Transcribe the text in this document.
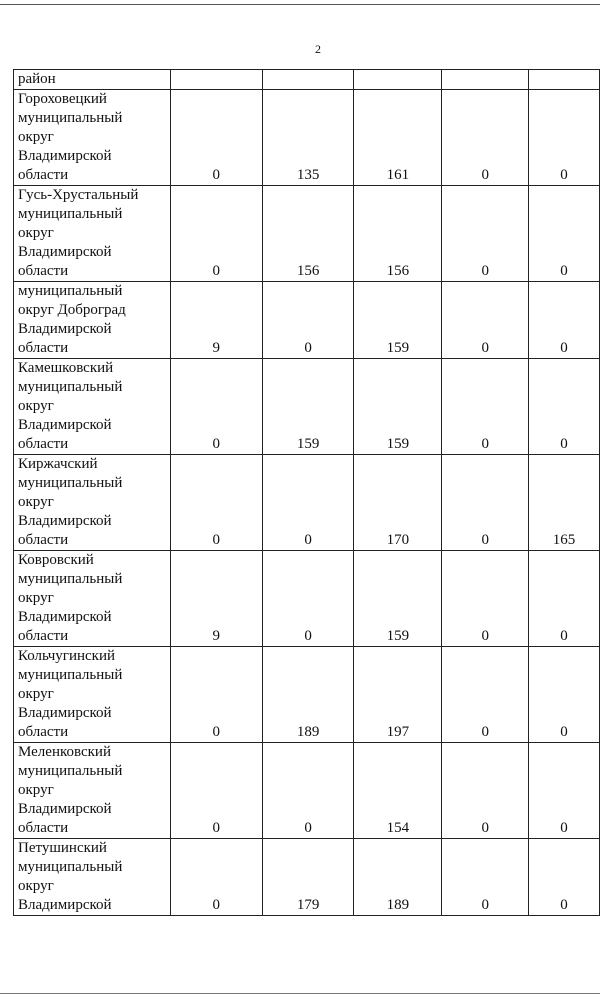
2
район					

Гороховецкий
муниципальный
округ
Владимирской
области	0	135	161	0	0

Гусь-Хрустальный
муниципальный
округ
Владимирской
области	0	156	156	0	0

муниципальный
округ Доброград
Владимирской
области	9	0	159	0	0

Камешковский
муниципальный
округ
Владимирской
области	0	159	159	0	0

Киржачский
муниципальный
округ
Владимирской
области	0	0	170	0	165

Ковровский
муниципальный
округ
Владимирской
области	9	0	159	0	0

Кольчугинский
муниципальный
округ
Владимирской
области	0	189	197	0	0

Меленковский
муниципальный
округ
Владимирской
области	0	0	154	0	0

Петушинский
муниципальный
округ
Владимирской	0	179	189	0	0
